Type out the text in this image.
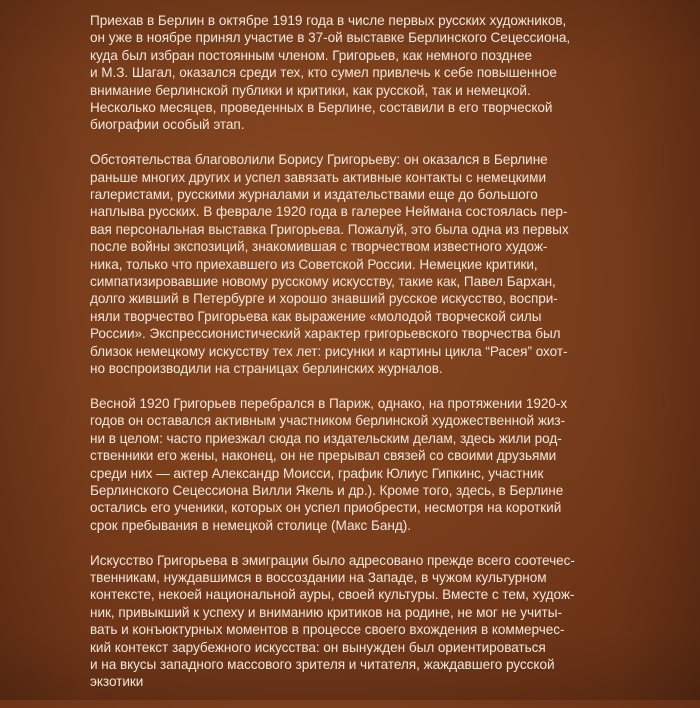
Приехав в Берлин в октябре 1919 года в числе первых русских художников,
он уже в ноябре принял участие в 37-ой выставке Берлинского Сецессиона,
куда был избран постоянным членом. Григорьев, как немного позднее
и М.З. Шагал, оказался среди тех, кто сумел привлечь к себе повышенное
внимание берлинской публики и критики, как русской, так и немецкой.
Несколько месяцев, проведенных в Берлине, составили в его творческой
биографии особый этап.

Обстоятельства благоволили Борису Григорьеву: он оказался в Берлине
раньше многих других и успел завязать активные контакты с немецкими
галеристами, русскими журналами и издательствами еще до большого
наплыва русских. В феврале 1920 года в галерее Неймана состоялась пер-
вая персональная выставка Григорьева. Пожалуй, это была одна из первых
после войны экспозиций, знакомившая с творчеством известного худож-
ника, только что приехавшего из Советской России. Немецкие критики,
симпатизировавшие новому русскому искусству, такие как, Павел Бархан,
долго живший в Петербурге и хорошо знавший русское искусство, воспри-
няли творчество Григорьева как выражение «молодой творческой силы
России». Экспрессионистический характер григорьевского творчества был
близок немецкому искусству тех лет: рисунки и картины цикла “Расея” охот-
но воспроизводили на страницах берлинских журналов.

Весной 1920 Григорьев перебрался в Париж, однако, на протяжении 1920-х
годов он оставался активным участником берлинской художественной жиз-
ни в целом: часто приезжал сюда по издательским делам, здесь жили род-
ственники его жены, наконец, он не прерывал связей со своими друзьями
среди них — актер Александр Моисси, график Юлиус Гипкинс, участник
Берлинского Сецессиона Вилли Якель и др.). Кроме того, здесь, в Берлине
остались его ученики, которых он успел приобрести, несмотря на короткий
срок пребывания в немецкой столице (Макс Банд).

Искусство Григорьева в эмиграции было адресовано прежде всего соотечес-
твенникам, нуждавшимся в воссоздании на Западе, в чужом культурном
контексте, некоей национальной ауры, своей культуры. Вместе с тем, худож-
ник, привыкший к успеху и вниманию критиков на родине, не мог не учиты-
вать и конъюктурных моментов в процессе своего вхождения в коммерчес-
кий контекст зарубежного искусства: он вынужден был ориентироваться
и на вкусы западного массового зрителя и читателя, жаждавшего русской
экзотики
